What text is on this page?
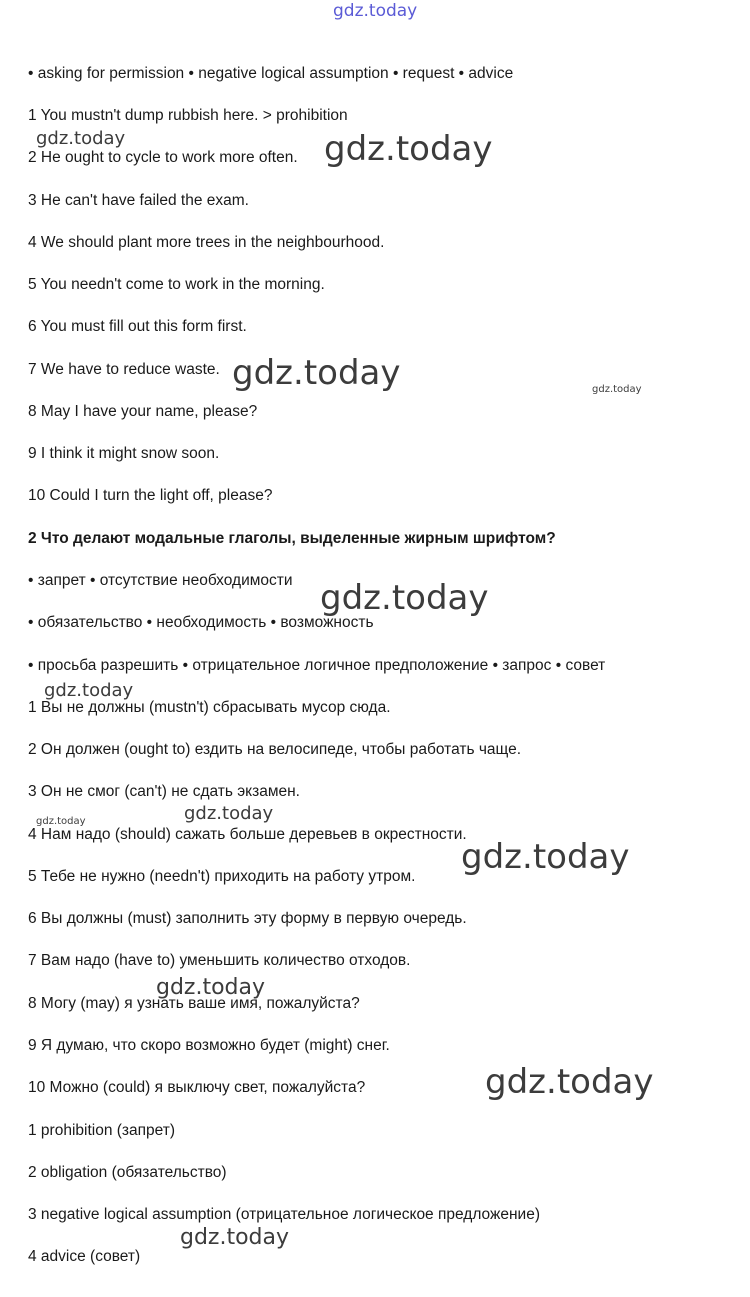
gdz.today
• asking for permission • negative logical assumption • request • advice
1 You mustn't dump rubbish here. > prohibition
2 He ought to cycle to work more often.
3 He can't have failed the exam.
4 We should plant more trees in the neighbourhood.
5 You needn't come to work in the morning.
6 You must fill out this form first.
7 We have to reduce waste.
8 May I have your name, please?
9 I think it might snow soon.
10 Could I turn the light off, please?
2 Что делают модальные глаголы, выделенные жирным шрифтом?
• запрет • отсутствие необходимости
• обязательство • необходимость • возможность
• просьба разрешить • отрицательное логичное предположение • запрос • совет
1 Вы не должны (mustn't) сбрасывать мусор сюда.
2 Он должен (ought to) ездить на велосипеде, чтобы работать чаще.
3 Он не смог (can't) не сдать экзамен.
4 Нам надо (should) сажать больше деревьев в окрестности.
5 Тебе не нужно (needn't) приходить на работу утром.
6 Вы должны (must) заполнить эту форму в первую очередь.
7 Вам надо (have to) уменьшить количество отходов.
8 Могу (may) я узнать ваше имя, пожалуйста?
9 Я думаю, что скоро возможно будет (might) снег.
10 Можно (could) я выключу свет, пожалуйста?
1 prohibition (запрет)
2 obligation (обязательство)
3 negative logical assumption (отрицательное логическое предложение)
4 advice (совет)
gdz.today	gdz.today
gdz.today	gdz.today
gdz.today
gdz.today
gdz.today
gdz.today
gdz.today
gdz.today
gdz.today
gdz.today
